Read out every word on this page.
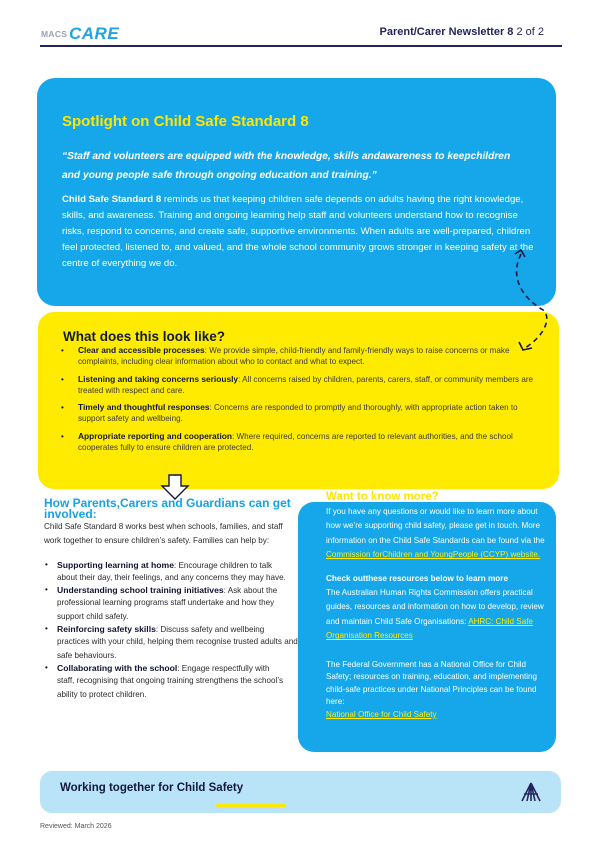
MACS CARE	Parent/Carer Newsletter 8 2 of 2
Spotlight on Child Safe Standard 8
“Staff and volunteers are equipped with the knowledge, skills andawareness to keepchildren and young people safe through ongoing education and training.”
Child Safe Standard 8 reminds us that keeping children safe depends on adults having the right knowledge, skills, and awareness. Training and ongoing learning help staff and volunteers understand how to recognise risks, respond to concerns, and create safe, supportive environments. When adults are well-prepared, children feel protected, listened to, and valued, and the whole school community grows stronger in keeping safety at the centre of everything we do.
What does this look like?
• Clear and accessible processes: We provide simple, child-friendly and family-friendly ways to raise concerns or make complaints, including clear information about who to contact and what to expect.
• Listening and taking concerns seriously: All concerns raised by children, parents, carers, staff, or community members are treated with respect and care.
• Timely and thoughtful responses: Concerns are responded to promptly and thoroughly, with appropriate action taken to support safety and wellbeing.
• Appropriate reporting and cooperation: Where required, concerns are reported to relevant authorities, and the school cooperates fully to ensure children are protected.
How Parents,Carers and Guardians can get involved:
Child Safe Standard 8 works best when schools, families, and staff work together to ensure children’s safety. Families can help by:
• Supporting learning at home: Encourage children to talk
about their day, their feelings, and any concerns they may have.
• Understanding school training initiatives: Ask about the
professional learning programs staff undertake and how they support child safety.
• Reinforcing safety skills: Discuss safety and wellbeing
practices with your child, helping them recognise trusted adults and safe behaviours.
• Collaborating with the school: Engage respectfully with
staff, recognising that ongoing training strengthens the school’s ability to protect children.
Want to know more?
If you have any questions or would like to learn more about how we’re supporting child safety, please get in touch. More information on the Child Safe Standards can be found via the Commission forChildren and YoungPeople (CCYP) website.
Check outthese resources below to learn more
The Australian Human Rights Commission offers practical guides, resources and information on how to develop, review and maintain Child Safe Organisations: AHRC: Child Safe Organisation Resources
The Federal Government has a National Office for Child Safety; resources on training, education, and implementing child-safe practices under National Principles can be found here:
National Office for Child Safety
Working together for Child Safety
Reviewed: March 2026
